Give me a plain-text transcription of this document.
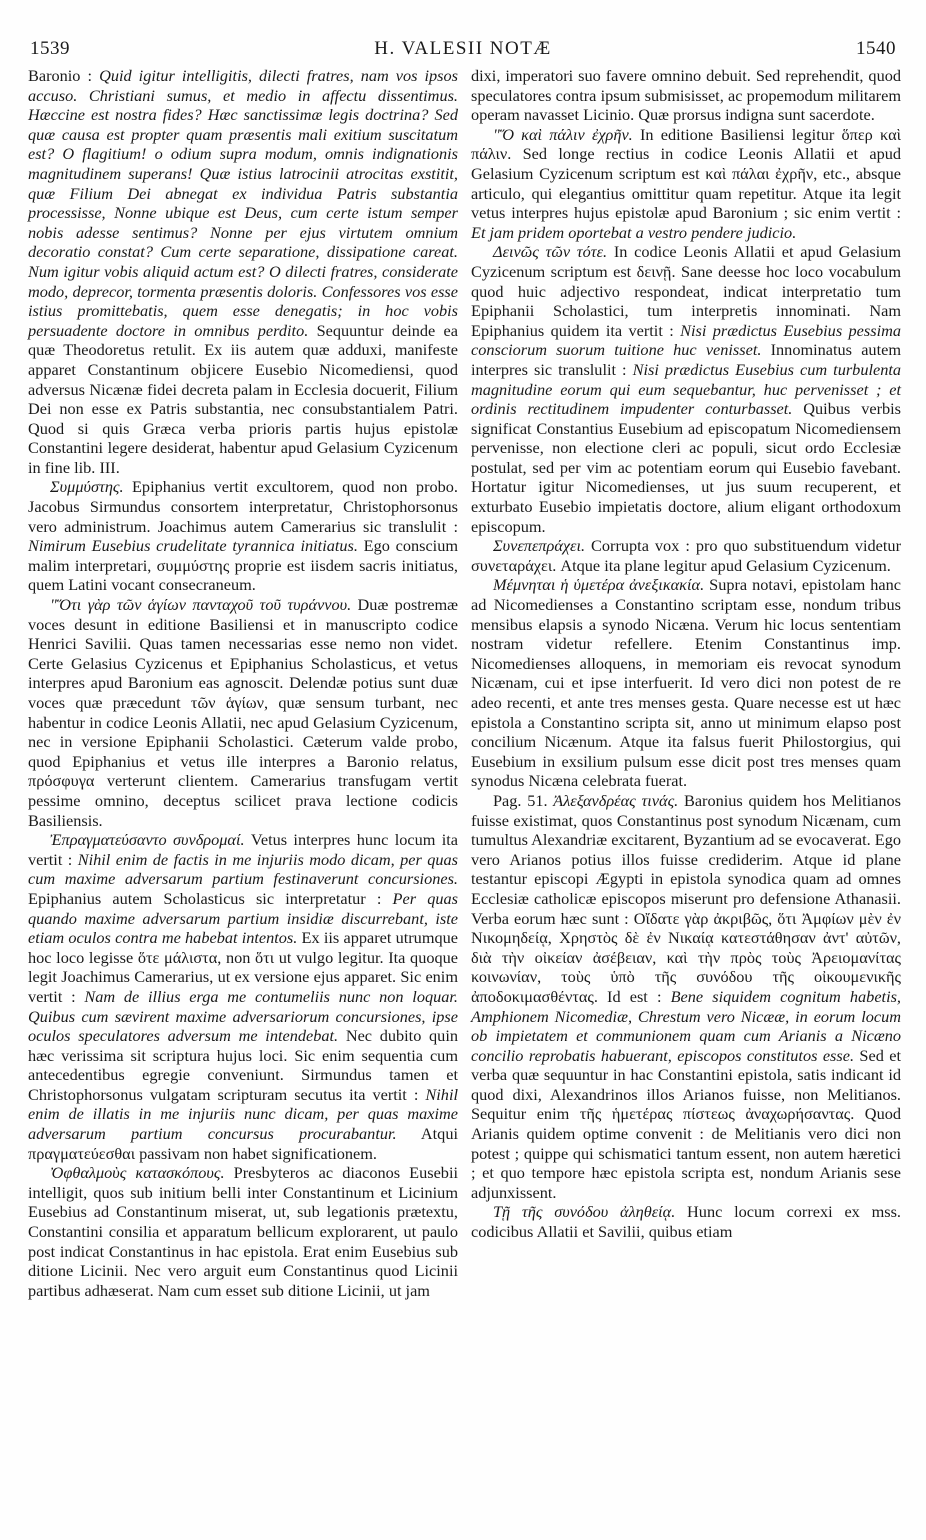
1539	H. VALESII NOTÆ	1540

Baronio : Quid igitur intelligitis, dilecti fratres, nam vos ipsos accuso. Christiani sumus, et medio in affectu dissentimus. Hæccine est nostra fides? Hæc sanctissimæ legis doctrina? Sed quæ causa est propter quam præsentis mali exitium suscitatum est? O flagitium! o odium supra modum, omnis indignationis magnitudinem superans! Quæ istius latrocinii atrocitas exstitit, quæ Filium Dei abnegat ex individua Patris substantia processisse, Nonne ubique est Deus, cum certe istum semper nobis adesse sentimus? Nonne per ejus virtutem omnium decoratio constat? Cum certe separatione, dissipatione careat. Num igitur vobis aliquid actum est? O dilecti fratres, considerate modo, deprecor, tormenta præsentis doloris. Confessores vos esse istius promittebatis, quem esse denegatis; in hoc vobis persuadente doctore in omnibus perdito. Sequuntur deinde ea quæ Theodoretus retulit. Ex iis autem quæ adduxi, manifeste apparet Constantinum objicere Eusebio Nicomediensi, quod adversus Nicænæ fidei decreta palam in Ecclesia docuerit, Filium Dei non esse ex Patris substantia, nec consubstantialem Patri. Quod si quis Græca verba prioris partis hujus epistolæ Constantini legere desiderat, habentur apud Gelasium Cyzicenum in fine lib. III.

Συμμύστης. Epiphanius vertit excultorem, quod non probo. Jacobus Sirmundus consortem interpretatur, Christophorsonus vero administrum. Joachimus autem Camerarius sic translulit : Nimirum Eusebius crudelitate tyrannica initiatus. Ego conscium malim interpretari, συμμύστης proprie est iisdem sacris initiatus, quem Latini vocant consecraneum.

"Ὅτι γὰρ τῶν ἁγίων πανταχοῦ τοῦ τυράννου. Duæ postremæ voces desunt in editione Basiliensi et in manuscripto codice Henrici Savilii. Quas tamen necessarias esse nemo non videt. Certe Gelasius Cyzicenus et Epiphanius Scholasticus, et vetus interpres apud Baronium eas agnoscit. Delendæ potius sunt duæ voces quæ præcedunt τῶν ἁγίων, quæ sensum turbant, nec habentur in codice Leonis Allatii, nec apud Gelasium Cyzicenum, nec in versione Epiphanii Scholastici. Cæterum valde probo, quod Epiphanius et vetus ille interpres a Baronio relatus, πρόσφυγα verterunt clientem. Camerarius transfugam vertit pessime omnino, deceptus scilicet prava lectione codicis Basiliensis.

Ἐπραγματεύσαντο συνδρομαί. Vetus interpres hunc locum ita vertit : Nihil enim de factis in me injuriis modo dicam, per quas cum maxime adversarum partium festinaverunt concursiones. Epiphanius autem Scholasticus sic interpretatur : Per quas quando maxime adversarum partium insidiæ discurrebant, iste etiam oculos contra me habebat intentos. Ex iis apparet utrumque hoc loco legisse ὅτε μάλιστα, non ὅτι ut vulgo legitur. Ita quoque legit Joachimus Camerarius, ut ex versione ejus apparet. Sic enim vertit : Nam de illius erga me contumeliis nunc non loquar. Quibus cum sævirent maxime adversariorum concursiones, ipse oculos speculatores adversum me intendebat. Nec dubito quin hæc verissima sit scriptura hujus loci. Sic enim sequentia cum antecedentibus egregie conveniunt. Sirmundus tamen et Christophorsonus vulgatam scripturam secutus ita vertit : Nihil enim de illatis in me injuriis nunc dicam, per quas maxime adversarum partium concursus procurabantur. Atqui πραγματεύεσθαι passivam non habet significationem.

Ὀφθαλμοὺς κατασκόπους. Presbyteros ac diaconos Eusebii intelligit, quos sub initium belli inter Constantinum et Licinium Eusebius ad Constantinum miserat, ut, sub legationis prætextu, Constantini consilia et apparatum bellicum explorarent, ut paulo post indicat Constantinus in hac epistola. Erat enim Eusebius sub ditione Licinii. Nec vero arguit eum Constantinus quod Licinii partibus adhæserat. Nam cum esset sub ditione Licinii, ut jam

dixi, imperatori suo favere omnino debuit. Sed reprehendit, quod speculatores contra ipsum submisisset, ac propemodum militarem operam navasset Licinio. Quæ prorsus indigna sunt sacerdote.

"Ὅ καὶ πάλιν ἐχρῆν. In editione Basiliensi legitur ὅπερ καὶ πάλιν. Sed longe rectius in codice Leonis Allatii et apud Gelasium Cyzicenum scriptum est καὶ πάλαι ἐχρῆν, etc., absque articulo, qui elegantius omittitur quam repetitur. Atque ita legit vetus interpres hujus epistolæ apud Baronium ; sic enim vertit : Et jam pridem oportebat a vestro pendere judicio.

Δεινῶς τῶν τότε. In codice Leonis Allatii et apud Gelasium Cyzicenum scriptum est δεινῇ. Sane deesse hoc loco vocabulum quod huic adjectivo respondeat, indicat interpretatio tum Epiphanii Scholastici, tum interpretis innominati. Nam Epiphanius quidem ita vertit : Nisi prædictus Eusebius pessima consciorum suorum tuitione huc venisset. Innominatus autem interpres sic translulit : Nisi prædictus Eusebius cum turbulenta magnitudine eorum qui eum sequebantur, huc pervenisset ; et ordinis rectitudinem impudenter conturbasset. Quibus verbis significat Constantius Eusebium ad episcopatum Nicomediensem pervenisse, non electione cleri ac populi, sicut ordo Ecclesiæ postulat, sed per vim ac potentiam eorum qui Eusebio favebant. Hortatur igitur Nicomedienses, ut jus suum recuperent, et exturbato Eusebio impietatis doctore, alium eligant orthodoxum episcopum.

Συνεπεπράχει. Corrupta vox : pro quo substituendum videtur συνεταράχει. Atque ita plane legitur apud Gelasium Cyzicenum.

Μέμνηται ἡ ὑμετέρα ἀνεξικακία. Supra notavi, epistolam hanc ad Nicomedienses a Constantino scriptam esse, nondum tribus mensibus elapsis a synodo Nicæna. Verum hic locus sententiam nostram videtur refellere. Etenim Constantinus imp. Nicomedienses alloquens, in memoriam eis revocat synodum Nicænam, cui et ipse interfuerit. Id vero dici non potest de re adeo recenti, et ante tres menses gesta. Quare necesse est ut hæc epistola a Constantino scripta sit, anno ut minimum elapso post concilium Nicænum. Atque ita falsus fuerit Philostorgius, qui Eusebium in exsilium pulsum esse dicit post tres menses quam synodus Nicæna celebrata fuerat.

Pag. 51. Ἀλεξανδρέας τινάς. Baronius quidem hos Melitianos fuisse existimat, quos Constantinus post synodum Nicænam, cum tumultus Alexandriæ excitarent, Byzantium ad se evocaverat. Ego vero Arianos potius illos fuisse crediderim. Atque id plane testantur episcopi Ægypti in epistola synodica quam ad omnes Ecclesiæ catholicæ episcopos miserunt pro defensione Athanasii. Verba eorum hæc sunt : Οἴδατε γὰρ ἀκριβῶς, ὅτι Ἀμφίων μὲν ἐν Νικομηδείᾳ, Χρηστὸς δὲ ἐν Νικαίᾳ κατεστάθησαν ἀντ' αὐτῶν, διὰ τὴν οἰκείαν ἀσέβειαν, καὶ τὴν πρὸς τοὺς Ἀρειομανίτας κοινωνίαν, τοὺς ὑπὸ τῆς συνόδου τῆς οἰκουμενικῆς ἀποδοκιμασθέντας. Id est : Bene siquidem cognitum habetis, Amphionem Nicomediæ, Chrestum vero Nicææ, in eorum locum ob impietatem et communionem quam cum Arianis a Nicæno concilio reprobatis habuerant, episcopos constitutos esse. Sed et verba quæ sequuntur in hac Constantini epistola, satis indicant id quod dixi, Alexandrinos illos Arianos fuisse, non Melitianos. Sequitur enim τῆς ἡμετέρας πίστεως ἀναχωρήσαντας. Quod Arianis quidem optime convenit : de Melitianis vero dici non potest ; quippe qui schismatici tantum essent, non autem hæretici ; et quo tempore hæc epistola scripta est, nondum Arianis sese adjunxissent.

Τῇ τῆς συνόδου ἀληθείᾳ. Hunc locum correxi ex mss. codicibus Allatii et Savilii, quibus etiam
